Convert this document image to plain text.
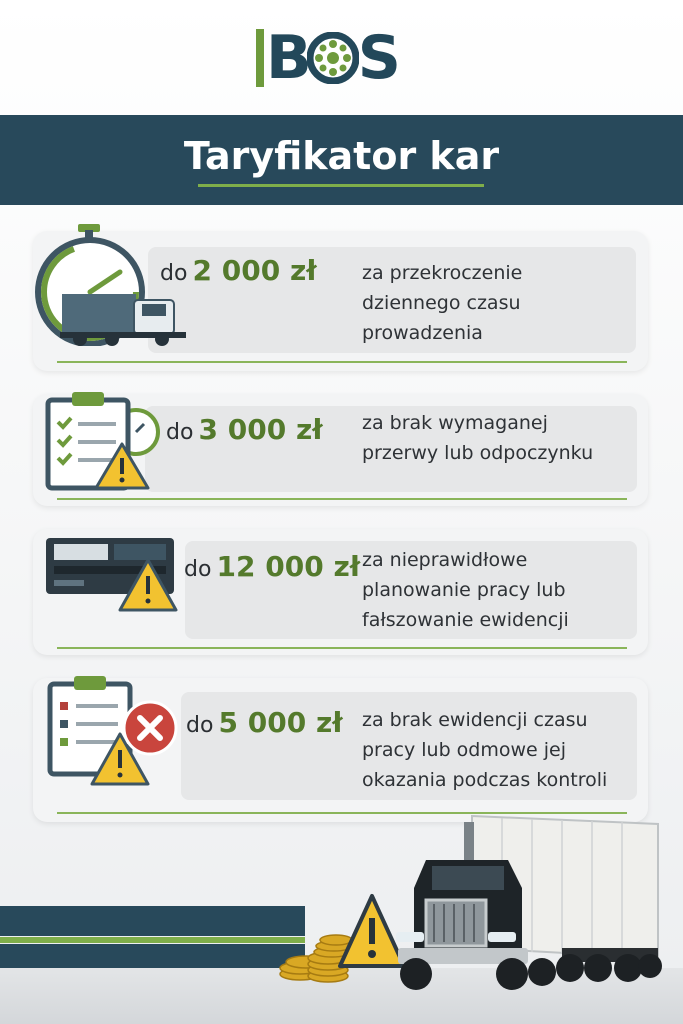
B S
Taryfikator kar
do 2 000 zł za przekroczenie
dziennego czasu
prowadzenia
do 3 000 zł za brak wymaganej
przerwy lub odpoczynku
do 12 000 zł za nieprawidłowe
planowanie pracy lub
fałszowanie ewidencji
do 5 000 zł za brak ewidencji czasu
pracy lub odmowe jej
okazania podczas kontroli
